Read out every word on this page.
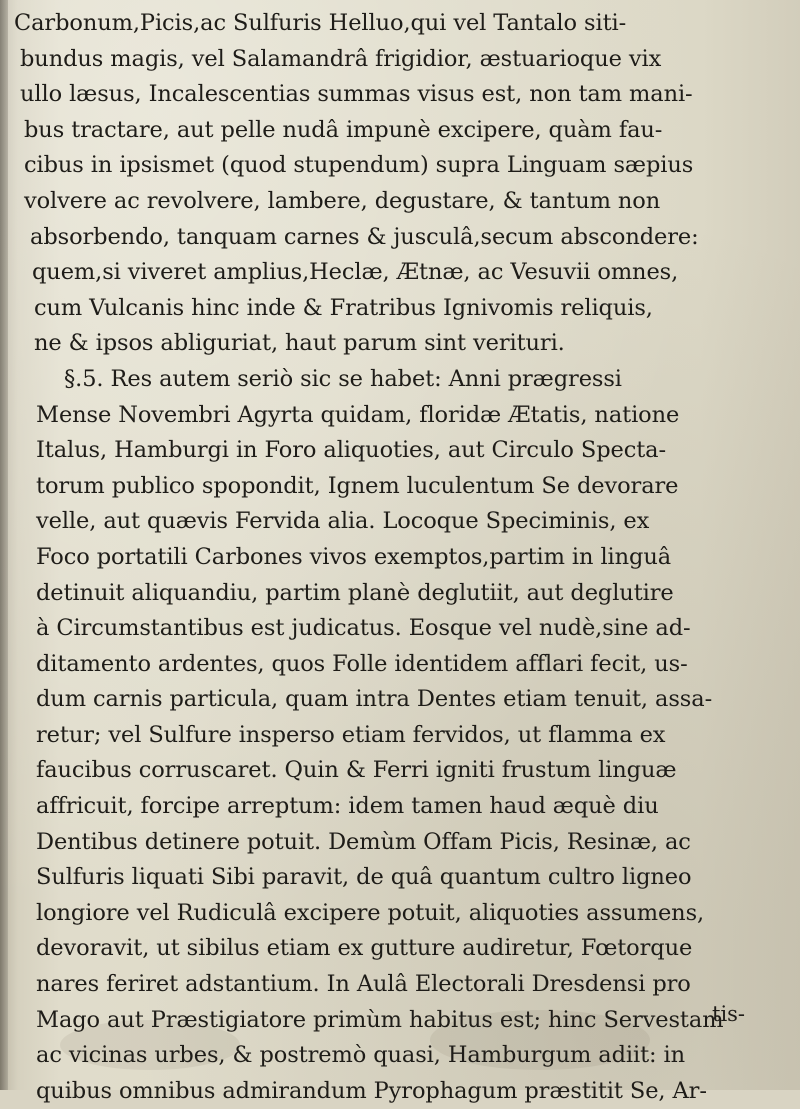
Carbonum,Picis,ac Sulfuris Helluo,qui vel Tantalo siti-
bundus magis, vel Salamandrâ frigidior, æstuarioque vix
ullo læsus, Incalescentias summas visus est, non tam mani-
bus tractare, aut pelle nudâ impunè excipere, quàm fau-
cibus in ipsismet (quod stupendum) supra Linguam sæpius
volvere ac revolvere, lambere, degustare, & tantum non
absorbendo, tanquam carnes & jusculâ,secum abscondere:
quem,si viveret amplius,Heclæ, Ætnæ, ac Vesuvii omnes,
cum Vulcanis hinc inde & Fratribus Ignivomis reliquis,
ne & ipsos abliguriat, haut parum sint verituri.
§.5. Res autem seriò sic se habet: Anni prægressi
Mense Novembri Agyrta quidam, floridæ Ætatis, natione
Italus, Hamburgi in Foro aliquoties, aut Circulo Specta-
torum publico spopondit, Ignem luculentum Se devorare
velle, aut quævis Fervida alia. Locoque Speciminis, ex
Foco portatili Carbones vivos exemptos,partim in linguâ
detinuit aliquandiu, partim planè deglutiit, aut deglutire
à Circumstantibus est judicatus. Eosque vel nudè,sine ad-
ditamento ardentes, quos Folle identidem afflari fecit, us-
dum carnis particula, quam intra Dentes etiam tenuit, assa-
retur; vel Sulfure insperso etiam fervidos, ut flamma ex
faucibus corruscaret. Quin & Ferri igniti frustum linguæ
affricuit, forcipe arreptum: idem tamen haud æquè diu
Dentibus detinere potuit. Demùm Offam Picis, Resinæ, ac
Sulfuris liquati Sibi paravit, de quâ quantum cultro ligneo
longiore vel Rudiculâ excipere potuit, aliquoties assumens,
devoravit, ut sibilus etiam ex gutture audiretur, Fœtorque
nares feriret adstantium. In Aulâ Electorali Dresdensi pro
Mago aut Præstigiatore primùm habitus est; hinc Servestam
ac vicinas urbes, & postremò quasi, Hamburgum adiit: in
quibus omnibus admirandum Pyrophagum præstitit Se, Ar-
tis-
